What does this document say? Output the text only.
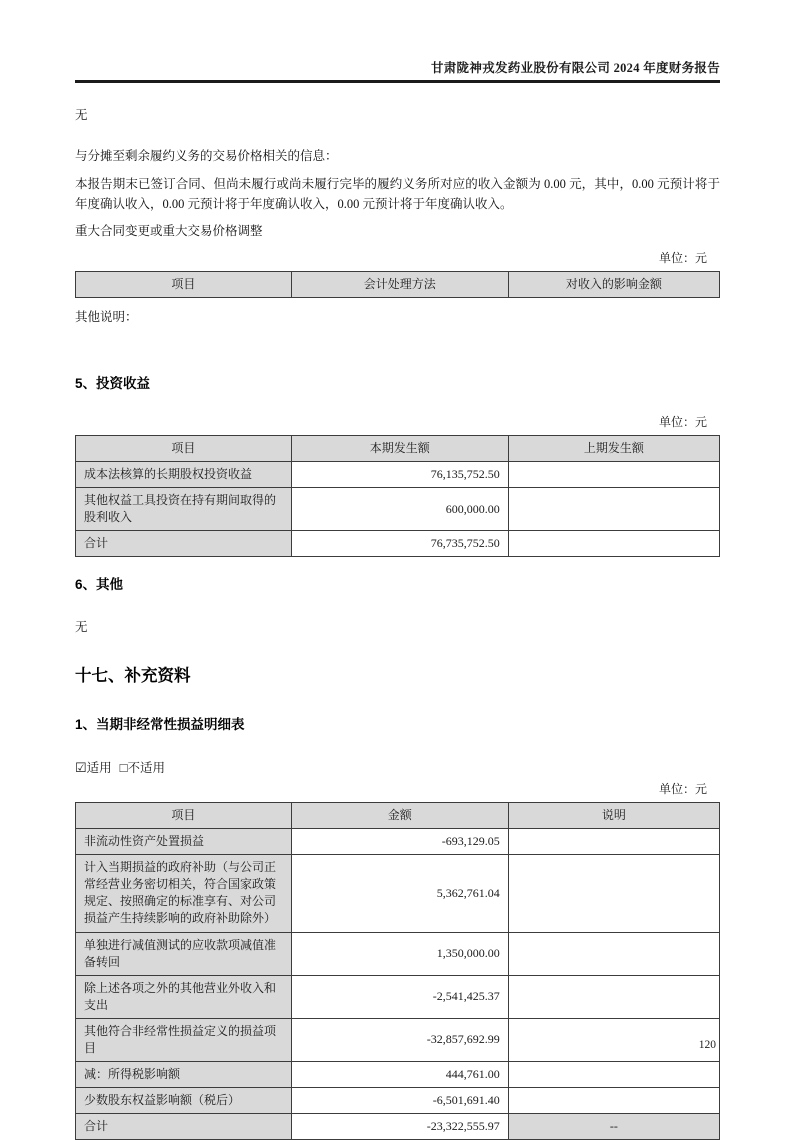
甘肃陇神戎发药业股份有限公司 2024 年度财务报告

无

与分摊至剩余履约义务的交易价格相关的信息：

本报告期末已签订合同、但尚未履行或尚未履行完毕的履约义务所对应的收入金额为 0.00 元，其中，0.00 元预计将于年度确认收入，0.00 元预计将于年度确认收入，0.00 元预计将于年度确认收入。

重大合同变更或重大交易价格调整

单位：元
项目	会计处理方法	对收入的影响金额

其他说明：

5、投资收益
单位：元
项目	本期发生额	上期发生额
成本法核算的长期股权投资收益	76,135,752.50	
其他权益工具投资在持有期间取得的股利收入	600,000.00	
合计	76,735,752.50	
6、其他

无

十七、补充资料
1、当期非经常性损益明细表

☑适用 □不适用

单位：元
项目	金额	说明
非流动性资产处置损益	-693,129.05	
计入当期损益的政府补助（与公司正常经营业务密切相关，符合国家政策规定、按照确定的标准享有、对公司损益产生持续影响的政府补助除外）	5,362,761.04	
单独进行减值测试的应收款项减值准备转回	1,350,000.00	
除上述各项之外的其他营业外收入和支出	-2,541,425.37	
其他符合非经常性损益定义的损益项目	-32,857,692.99	
减：所得税影响额	444,761.00	
少数股东权益影响额（税后）	-6,501,691.40	
合计	-23,322,555.97	--
120
